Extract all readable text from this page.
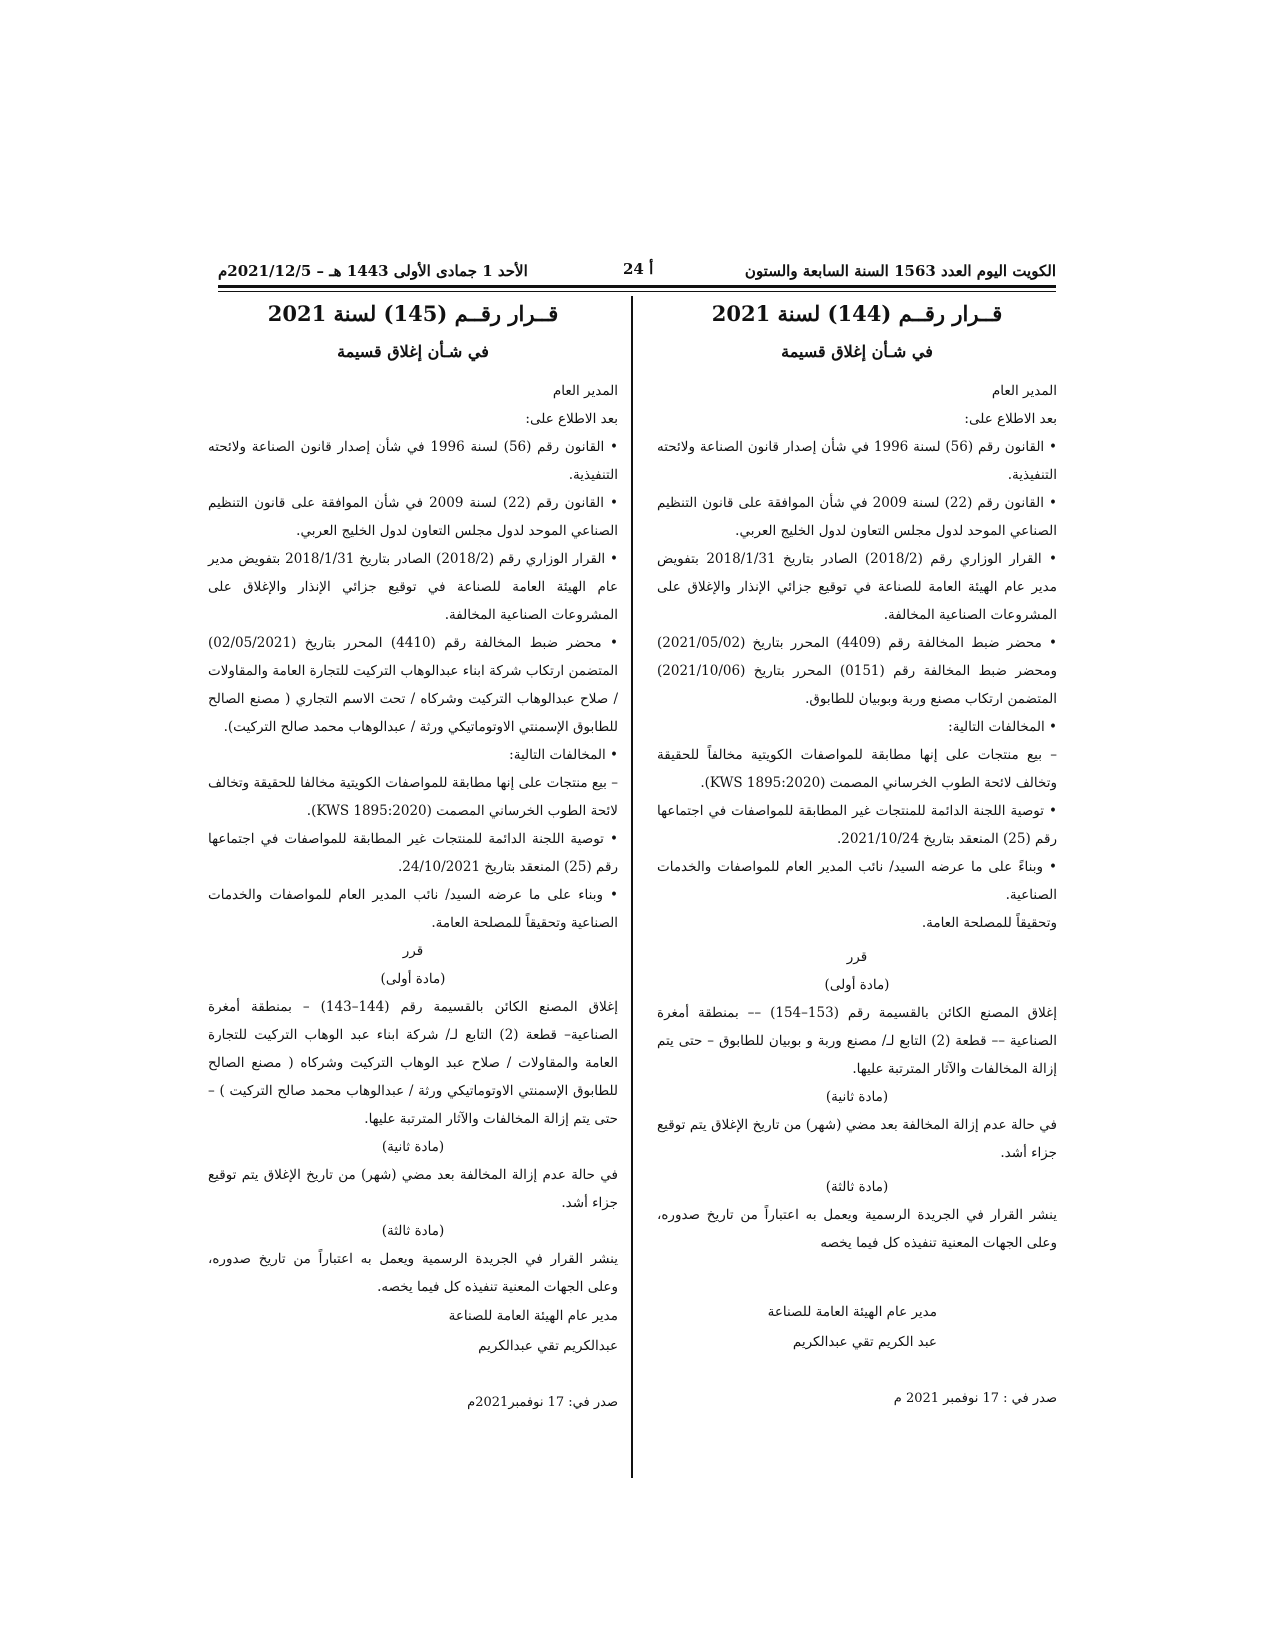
الكويت اليوم العدد 1563 السنة السابعة والستون
أ 24
الأحد 1 جمادى الأولى 1443 هـ – 2021/12/5م
قــرار رقــم (144) لسنة 2021
في شـأن إغلاق قسيمة

المدير العام

بعد الاطلاع على:

• القانون رقم (56) لسنة 1996 في شأن إصدار قانون الصناعة ولائحته التنفيذية.

• القانون رقم (22) لسنة 2009 في شأن الموافقة على قانون التنظيم الصناعي الموحد لدول مجلس التعاون لدول الخليج العربي.

• القرار الوزاري رقم (2018/2) الصادر بتاريخ 2018/1/31 بتفويض مدير عام الهيئة العامة للصناعة في توقيع جزائي الإنذار والإغلاق على المشروعات الصناعية المخالفة.

• محضر ضبط المخالفة رقم (4409) المحرر بتاريخ (2021/05/02) ومحضر ضبط المخالفة رقم (0151) المحرر بتاريخ (2021/10/06) المتضمن ارتكاب مصنع وربة وبوبيان للطابوق.

• المخالفات التالية:

– بيع منتجات على إنها مطابقة للمواصفات الكويتية مخالفاً للحقيقة وتخالف لائحة الطوب الخرساني المصمت (KWS 1895:2020).

• توصية اللجنة الدائمة للمنتجات غير المطابقة للمواصفات في اجتماعها رقم (25) المنعقد بتاريخ 2021/10/24.

• وبناءً على ما عرضه السيد/ نائب المدير العام للمواصفات والخدمات الصناعية.

وتحقيقاً للمصلحة العامة.

قرر

(مادة أولى)

إغلاق المصنع الكائن بالقسيمة رقم (153–154) –– بمنطقة أمغرة الصناعية –– قطعة (2) التابع لـ/ مصنع وربة و بوبيان للطابوق – حتى يتم إزالة المخالفات والآثار المترتبة عليها.

(مادة ثانية)

في حالة عدم إزالة المخالفة بعد مضي (شهر) من تاريخ الإغلاق يتم توقيع جزاء أشد.

(مادة ثالثة)

ينشر القرار في الجريدة الرسمية ويعمل به اعتباراً من تاريخ صدوره، وعلى الجهات المعنية تنفيذه كل فيما يخصه

مدير عام الهيئة العامة للصناعة

عبد الكريم تقي عبدالكريم

صدر في : 17 نوفمبر 2021 م

قــرار رقــم (145) لسنة 2021
في شـأن إغلاق قسيمة

المدير العام

بعد الاطلاع على:

• القانون رقم (56) لسنة 1996 في شأن إصدار قانون الصناعة ولائحته التنفيذية.

• القانون رقم (22) لسنة 2009 في شأن الموافقة على قانون التنظيم الصناعي الموحد لدول مجلس التعاون لدول الخليج العربي.

• القرار الوزاري رقم (2018/2) الصادر بتاريخ 2018/1/31 بتفويض مدير عام الهيئة العامة للصناعة في توقيع جزائي الإنذار والإغلاق على المشروعات الصناعية المخالفة.

• محضر ضبط المخالفة رقم (4410) المحرر بتاريخ (02/05/2021) المتضمن ارتكاب شركة ابناء عبدالوهاب التركيت للتجارة العامة والمقاولات / صلاح عبدالوهاب التركيت وشركاه / تحت الاسم التجاري ( مصنع الصالح للطابوق الإسمنتي الاوتوماتيكي ورثة / عبدالوهاب محمد صالح التركيت).

• المخالفات التالية:

– بيع منتجات على إنها مطابقة للمواصفات الكويتية مخالفا للحقيقة وتخالف لائحة الطوب الخرساني المصمت (KWS 1895:2020).

• توصية اللجنة الدائمة للمنتجات غير المطابقة للمواصفات في اجتماعها رقم (25) المنعقد بتاريخ 24/10/2021.

• وبناء على ما عرضه السيد/ نائب المدير العام للمواصفات والخدمات الصناعية وتحقيقاً للمصلحة العامة.

قرر

(مادة أولى)

إغلاق المصنع الكائن بالقسيمة رقم (144–143) – بمنطقة أمغرة الصناعية– قطعة (2) التابع لـ/ شركة ابناء عبد الوهاب التركيت للتجارة العامة والمقاولات / صلاح عبد الوهاب التركيت وشركاه ( مصنع الصالح للطابوق الإسمنتي الاوتوماتيكي ورثة / عبدالوهاب محمد صالح التركيت ) – حتى يتم إزالة المخالفات والآثار المترتبة عليها.

(مادة ثانية)

في حالة عدم إزالة المخالفة بعد مضي (شهر) من تاريخ الإغلاق يتم توقيع جزاء أشد.

(مادة ثالثة)

ينشر القرار في الجريدة الرسمية ويعمل به اعتباراً من تاريخ صدوره، وعلى الجهات المعنية تنفيذه كل فيما يخصه.

مدير عام الهيئة العامة للصناعة

عبدالكريم تقي عبدالكريم

صدر في: 17 نوفمبر2021م
